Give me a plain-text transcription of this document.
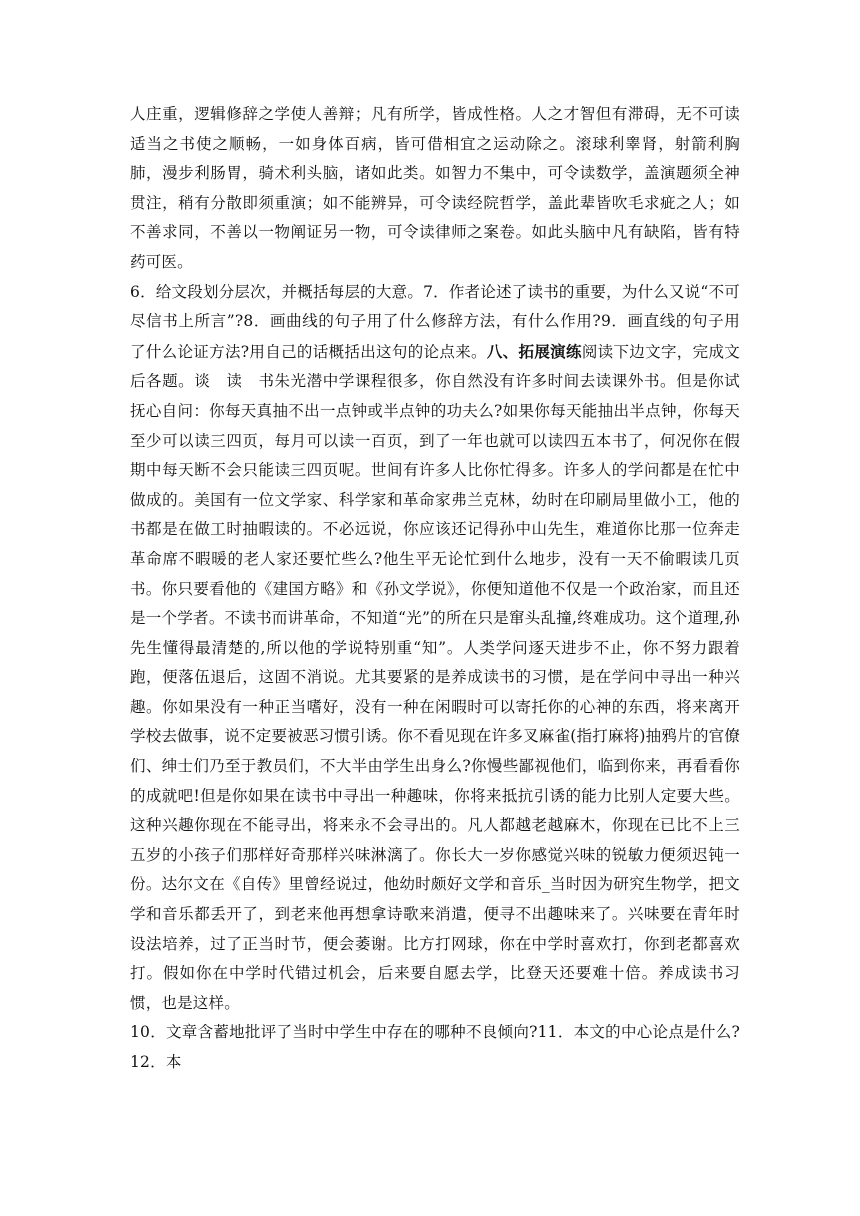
人庄重，逻辑修辞之学使人善辩；凡有所学，皆成性格。人之才智但有滞碍，无不可读适当之书使之顺畅，一如身体百病，皆可借相宜之运动除之。滚球利睾肾，射箭利胸肺，漫步利肠胃，骑术利头脑，诸如此类。如智力不集中，可令读数学，盖演题须全神贯注，稍有分散即须重演；如不能辨异，可令读经院哲学，盖此辈皆吹毛求疵之人；如不善求同，不善以一物阐证另一物，可令读律师之案卷。如此头脑中凡有缺陷，皆有特药可医。

6．给文段划分层次，并概括每层的大意。7．作者论述了读书的重要，为什么又说“不可尽信书上所言”?8．画曲线的句子用了什么修辞方法，有什么作用?9．画直线的句子用了什么论证方法?用自己的话概括出这句的论点来。八、拓展演练阅读下边文字，完成文后各题。谈　读　书朱光潜中学课程很多，你自然没有许多时间去读课外书。但是你试抚心自问：你每天真抽不出一点钟或半点钟的功夫么?如果你每天能抽出半点钟，你每天至少可以读三四页，每月可以读一百页，到了一年也就可以读四五本书了，何况你在假期中每天断不会只能读三四页呢。世间有许多人比你忙得多。许多人的学问都是在忙中做成的。美国有一位文学家、科学家和革命家弗兰克林，幼时在印刷局里做小工，他的书都是在做工时抽暇读的。不必远说，你应该还记得孙中山先生，难道你比那一位奔走革命席不暇暖的老人家还要忙些么?他生平无论忙到什么地步，没有一天不偷暇读几页书。你只要看他的《建国方略》和《孙文学说》，你便知道他不仅是一个政治家，而且还是一个学者。不读书而讲革命，不知道“光”的所在只是窜头乱撞,终难成功。这个道理,孙先生懂得最清楚的,所以他的学说特别重“知”。人类学问逐天进步不止，你不努力跟着跑，便落伍退后，这固不消说。尤其要紧的是养成读书的习惯，是在学问中寻出一种兴趣。你如果没有一种正当嗜好，没有一种在闲暇时可以寄托你的心神的东西，将来离开学校去做事，说不定要被恶习惯引诱。你不看见现在许多叉麻雀(指打麻将)抽鸦片的官僚们、绅士们乃至于教员们，不大半由学生出身么?你慢些鄙视他们，临到你来，再看看你的成就吧!但是你如果在读书中寻出一种趣味，你将来抵抗引诱的能力比别人定要大些。这种兴趣你现在不能寻出，将来永不会寻出的。凡人都越老越麻木，你现在已比不上三五岁的小孩子们那样好奇那样兴味淋漓了。你长大一岁你感觉兴味的锐敏力便须迟钝一份。达尔文在《自传》里曾经说过，他幼时颇好文学和音乐_当时因为研究生物学，把文学和音乐都丢开了，到老来他再想拿诗歌来消遣，便寻不出趣味来了。兴味要在青年时设法培养，过了正当时节，便会萎谢。比方打网球，你在中学时喜欢打，你到老都喜欢打。假如你在中学时代错过机会，后来要自愿去学，比登天还要难十倍。养成读书习惯，也是这样。

10．文章含蓄地批评了当时中学生中存在的哪种不良倾向?11．本文的中心论点是什么?12．本
